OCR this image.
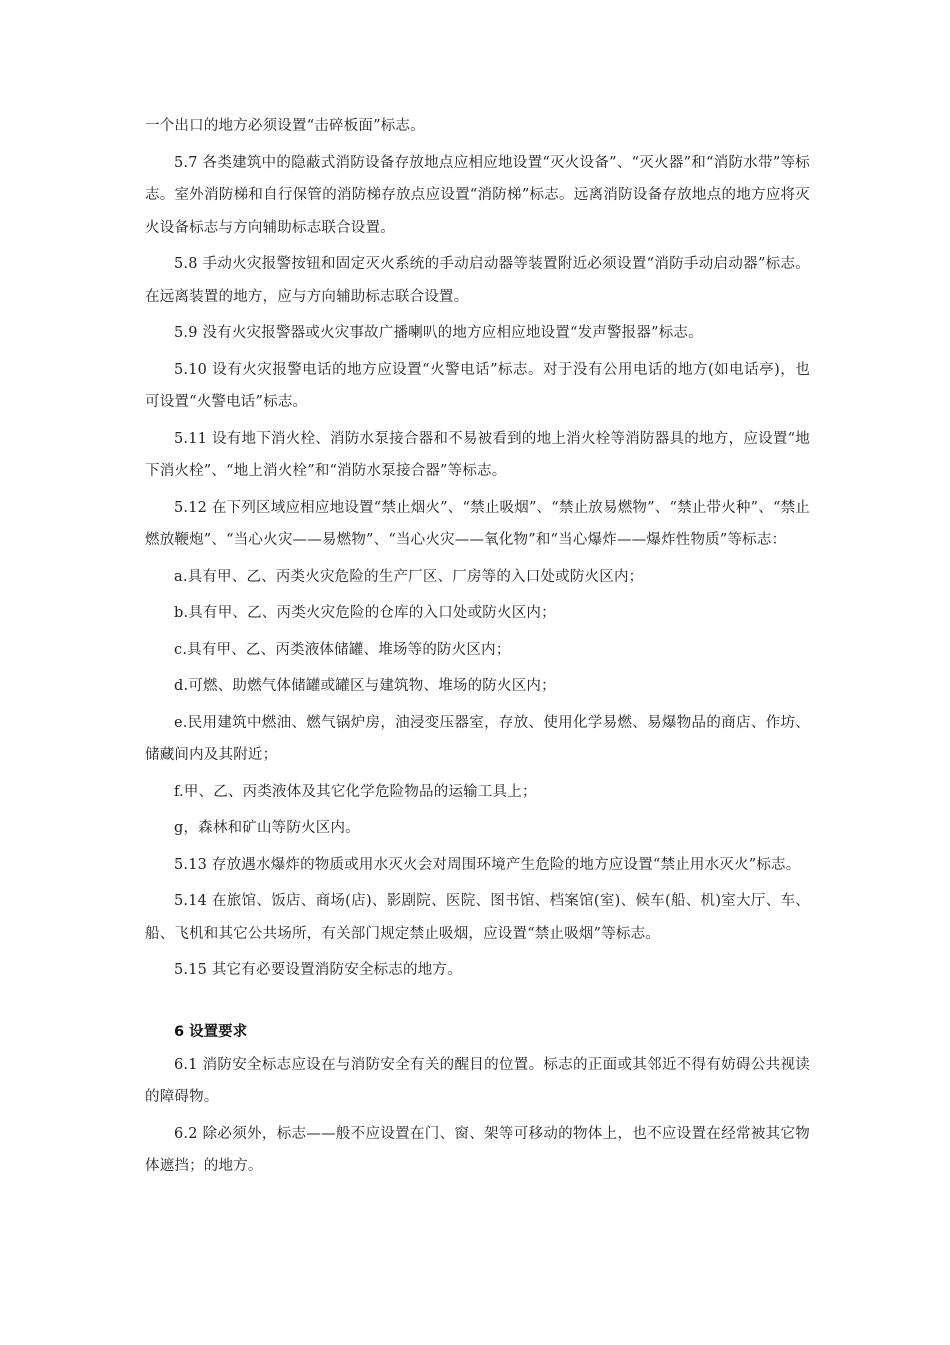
一个出口的地方必须设置“击碎板面”标志。

5.7 各类建筑中的隐蔽式消防设备存放地点应相应地设置“灭火设备”、“灭火器”和“消防水带”等标志。室外消防梯和自行保管的消防梯存放点应设置“消防梯”标志。远离消防设备存放地点的地方应将灭火设备标志与方向辅助标志联合设置。

5.8 手动火灾报警按钮和固定灭火系统的手动启动器等装置附近必须设置“消防手动启动器”标志。在远离装置的地方，应与方向辅助标志联合设置。

5.9 没有火灾报警器或火灾事故广播喇叭的地方应相应地设置“发声警报器”标志。

5.10 设有火灾报警电话的地方应设置“火警电话”标志。对于没有公用电话的地方(如电话亭)，也可设置“火警电话”标志。

5.11 设有地下消火栓、消防水泵接合器和不易被看到的地上消火栓等消防器具的地方，应设置“地下消火栓”、“地上消火栓”和“消防水泵接合器”等标志。

5.12 在下列区域应相应地设置“禁止烟火”、“禁止吸烟”、“禁止放易燃物”、“禁止带火种”、“禁止燃放鞭炮”、“当心火灾——易燃物”、“当心火灾——氧化物”和“当心爆炸——爆炸性物质”等标志：

a.具有甲、乙、丙类火灾危险的生产厂区、厂房等的入口处或防火区内；

b.具有甲、乙、丙类火灾危险的仓库的入口处或防火区内；

c.具有甲、乙、丙类液体储罐、堆场等的防火区内；

d.可燃、助燃气体储罐或罐区与建筑物、堆场的防火区内；

e.民用建筑中燃油、燃气锅炉房，油浸变压器室，存放、使用化学易燃、易爆物品的商店、作坊、储藏间内及其附近；

f.甲、乙、丙类液体及其它化学危险物品的运输工具上；

g，森林和矿山等防火区内。

5.13 存放遇水爆炸的物质或用水灭火会对周围环境产生危险的地方应设置“禁止用水灭火”标志。

5.14 在旅馆、饭店、商场(店)、影剧院、医院、图书馆、档案馆(室)、候车(船、机)室大厅、车、船、飞机和其它公共场所，有关部门规定禁止吸烟，应设置“禁止吸烟”等标志。

5.15 其它有必要设置消防安全标志的地方。

6 设置要求

6.1 消防安全标志应设在与消防安全有关的醒目的位置。标志的正面或其邻近不得有妨碍公共视读的障碍物。

6.2 除必须外，标志——般不应设置在门、窗、架等可移动的物体上，也不应设置在经常被其它物体遮挡；的地方。
